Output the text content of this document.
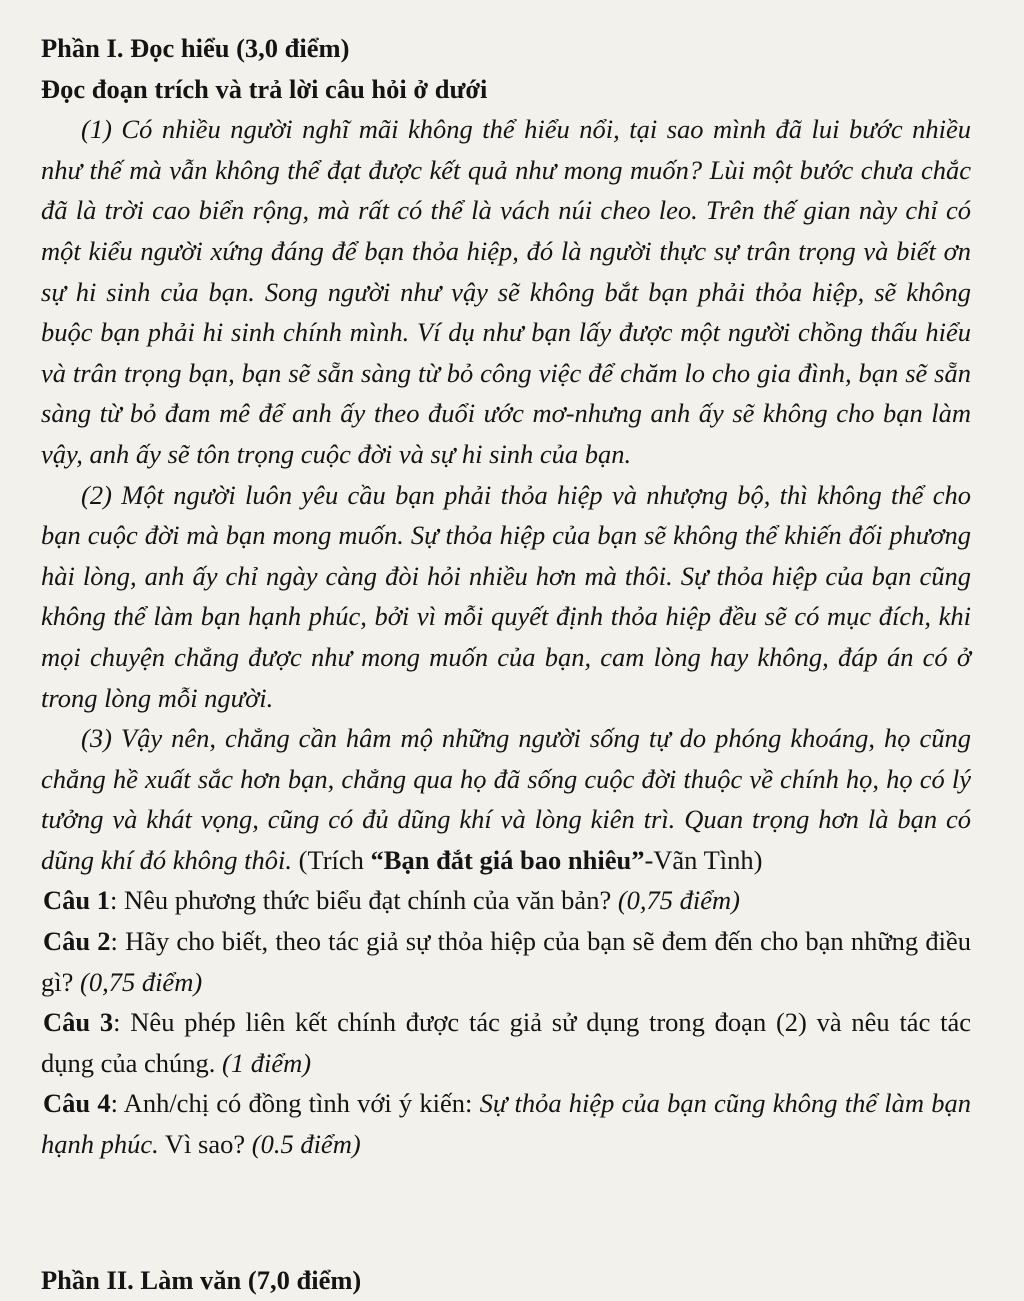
Phần I. Đọc hiểu (3,0 điểm)

Đọc đoạn trích và trả lời câu hỏi ở dưới

(1) Có nhiều người nghĩ mãi không thể hiểu nổi, tại sao mình đã lui bước nhiều như thế mà vẫn không thể đạt được kết quả như mong muốn? Lùi một bước chưa chắc đã là trời cao biển rộng, mà rất có thể là vách núi cheo leo. Trên thế gian này chỉ có một kiểu người xứng đáng để bạn thỏa hiệp, đó là người thực sự trân trọng và biết ơn sự hi sinh của bạn. Song người như vậy sẽ không bắt bạn phải thỏa hiệp, sẽ không buộc bạn phải hi sinh chính mình. Ví dụ như bạn lấy được một người chồng thấu hiểu và trân trọng bạn, bạn sẽ sẵn sàng từ bỏ công việc để chăm lo cho gia đình, bạn sẽ sẵn sàng từ bỏ đam mê để anh ấy theo đuổi ước mơ-nhưng anh ấy sẽ không cho bạn làm vậy, anh ấy sẽ tôn trọng cuộc đời và sự hi sinh của bạn.

(2) Một người luôn yêu cầu bạn phải thỏa hiệp và nhượng bộ, thì không thể cho bạn cuộc đời mà bạn mong muốn. Sự thỏa hiệp của bạn sẽ không thể khiến đối phương hài lòng, anh ấy chỉ ngày càng đòi hỏi nhiều hơn mà thôi. Sự thỏa hiệp của bạn cũng không thể làm bạn hạnh phúc, bởi vì mỗi quyết định thỏa hiệp đều sẽ có mục đích, khi mọi chuyện chẳng được như mong muốn của bạn, cam lòng hay không, đáp án có ở trong lòng mỗi người.

(3) Vậy nên, chẳng cần hâm mộ những người sống tự do phóng khoáng, họ cũng chẳng hề xuất sắc hơn bạn, chẳng qua họ đã sống cuộc đời thuộc về chính họ, họ có lý tưởng và khát vọng, cũng có đủ dũng khí và lòng kiên trì. Quan trọng hơn là bạn có dũng khí đó không thôi. (Trích “Bạn đắt giá bao nhiêu”-Vãn Tình)

Câu 1: Nêu phương thức biểu đạt chính của văn bản? (0,75 điểm)

Câu 2: Hãy cho biết, theo tác giả sự thỏa hiệp của bạn sẽ đem đến cho bạn những điều gì? (0,75 điểm)

Câu 3: Nêu phép liên kết chính được tác giả sử dụng trong đoạn (2) và nêu tác tác dụng của chúng. (1 điểm)

Câu 4: Anh/chị có đồng tình với ý kiến: Sự thỏa hiệp của bạn cũng không thể làm bạn hạnh phúc. Vì sao? (0.5 điểm)

Phần II. Làm văn (7,0 điểm)
